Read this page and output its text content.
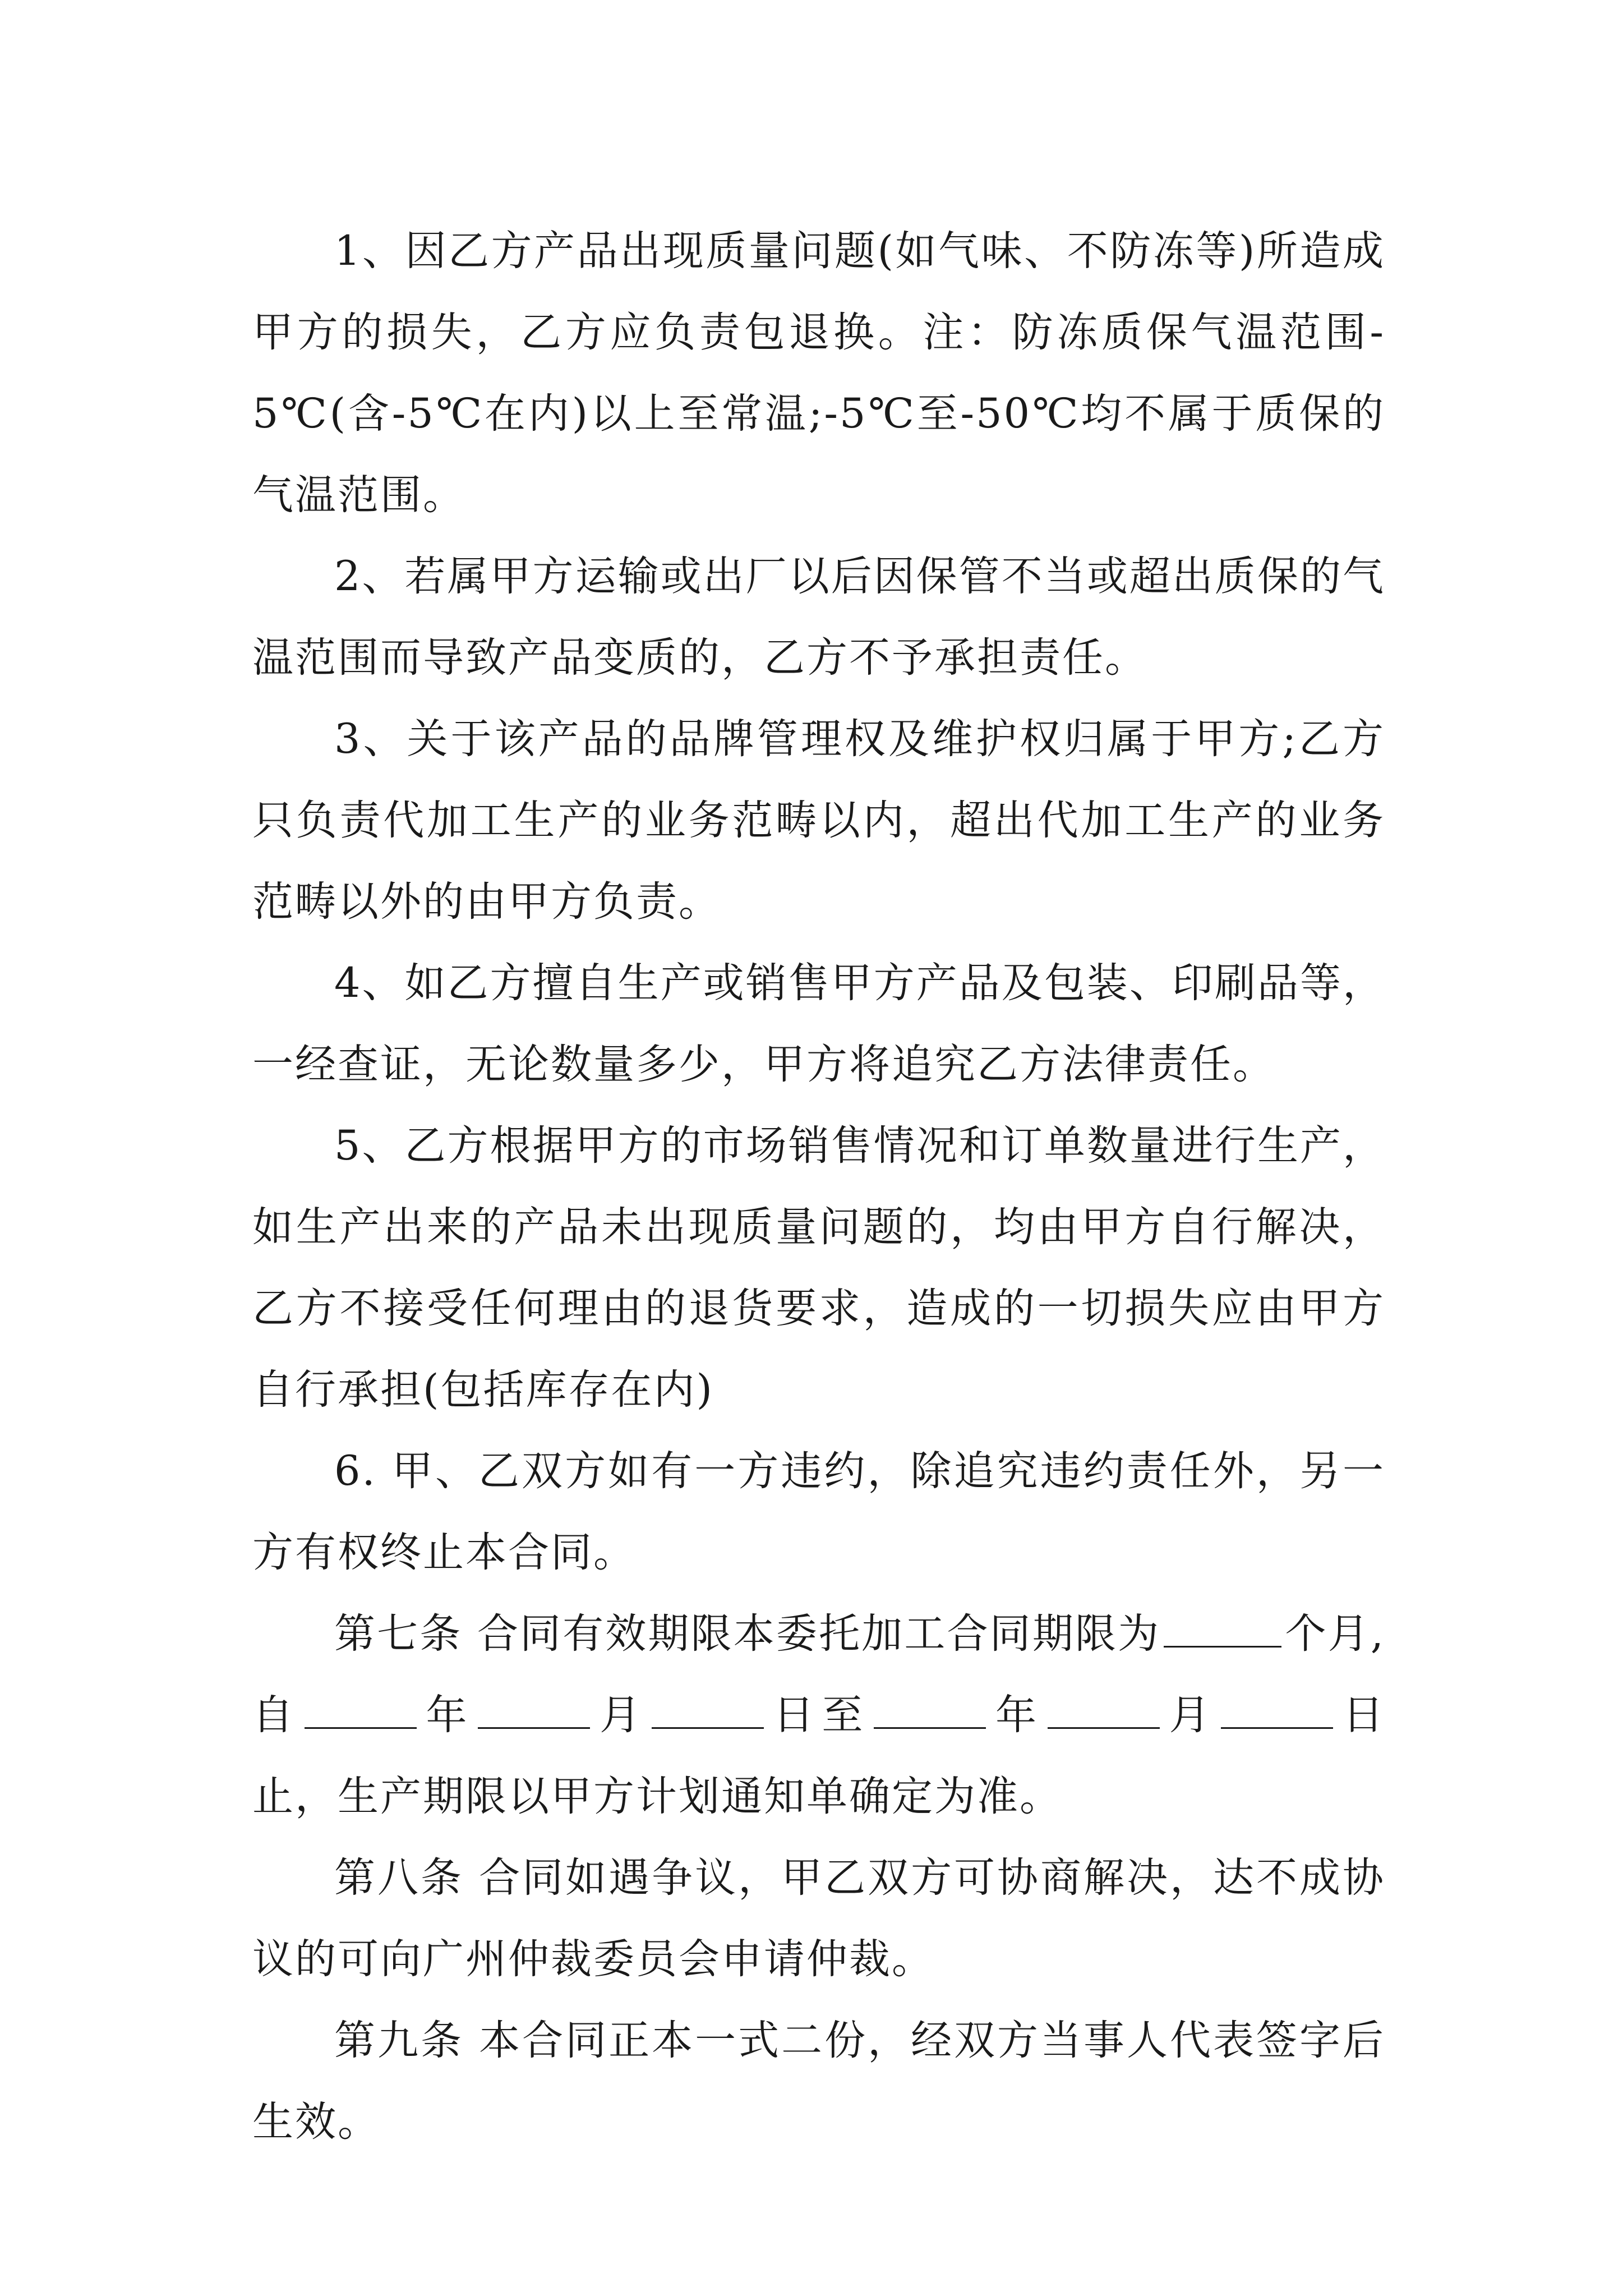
1、因乙方产品出现质量问题(如气味、不防冻等)所造成甲方的损失，乙方应负责包退换。注：防冻质保气温范围-5℃(含-5℃在内)以上至常温;-5℃至-50℃均不属于质保的气温范围。

2、若属甲方运输或出厂以后因保管不当或超出质保的气温范围而导致产品变质的，乙方不予承担责任。

3、关于该产品的品牌管理权及维护权归属于甲方;乙方只负责代加工生产的业务范畴以内，超出代加工生产的业务范畴以外的由甲方负责。

4、如乙方擅自生产或销售甲方产品及包装、印刷品等，一经查证，无论数量多少，甲方将追究乙方法律责任。

5、乙方根据甲方的市场销售情况和订单数量进行生产，如生产出来的产品未出现质量问题的，均由甲方自行解决，乙方不接受任何理由的退货要求，造成的一切损失应由甲方自行承担(包括库存在内)

6. 甲、乙双方如有一方违约，除追究违约责任外，另一方有权终止本合同。

第七条 合同有效期限本委托加工合同期限为	个月,自	年	月	日至	年	月	日止，生产期限以甲方计划通知单确定为准。

第八条 合同如遇争议，甲乙双方可协商解决，达不成协议的可向广州仲裁委员会申请仲裁。

第九条 本合同正本一式二份，经双方当事人代表签字后生效。
